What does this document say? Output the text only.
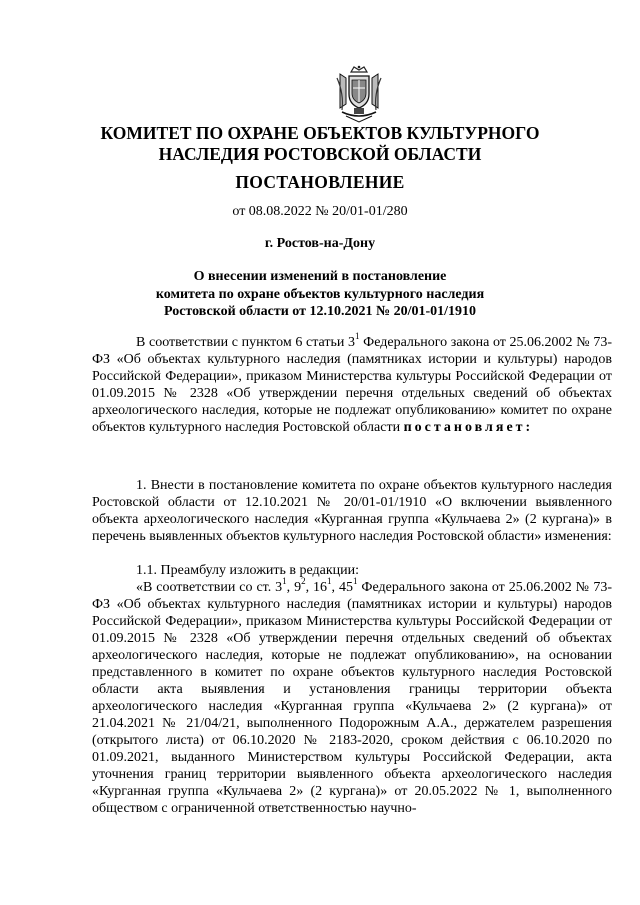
КОМИТЕТ ПО ОХРАНЕ ОБЪЕКТОВ КУЛЬТУРНОГО
НАСЛЕДИЯ РОСТОВСКОЙ ОБЛАСТИ
ПОСТАНОВЛЕНИЕ
от 08.08.2022 № 20/01-01/280
г. Ростов-на-Дону
О внесении изменений в постановление
комитета по охране объектов культурного наследия
Ростовской области от 12.10.2021 № 20/01-01/1910
В соответствии с пунктом 6 статьи $3^1$ Федерального закона от 25.06.2002 № 73-ФЗ «Об объектах культурного наследия (памятниках истории и культуры) народов Российской Федерации», приказом Министерства культуры Российской Федерации от 01.09.2015 № 2328 «Об утверждении перечня отдельных сведений об объектах археологического наследия, которые не подлежат опубликованию» комитет по охране объектов культурного наследия Ростовской области постановляет:
1. Внести в постановление комитета по охране объектов культурного наследия Ростовской области от 12.10.2021 № 20/01-01/1910 «О включении выявленного объекта археологического наследия «Курганная группа «Кульчаева 2» (2 кургана)» в перечень выявленных объектов культурного наследия Ростовской области» изменения:
1.1. Преамбулу изложить в редакции:
«В соответствии со ст. $3^1$, $9^2$, $16^1$, $45^1$ Федерального закона от 25.06.2002 № 73-ФЗ «Об объектах культурного наследия (памятниках истории и культуры) народов Российской Федерации», приказом Министерства культуры Российской Федерации от 01.09.2015 № 2328 «Об утверждении перечня отдельных сведений об объектах археологического наследия, которые не подлежат опубликованию», на основании представленного в комитет по охране объектов культурного наследия Ростовской области акта выявления и установления границы территории объекта археологического наследия «Курганная группа «Кульчаева 2» (2 кургана)» от 21.04.2021 № 21/04/21, выполненного Подорожным А.А., держателем разрешения (открытого листа) от 06.10.2020 № 2183-2020, сроком действия с 06.10.2020 по 01.09.2021, выданного Министерством культуры Российской Федерации, акта уточнения границ территории выявленного объекта археологического наследия «Курганная группа «Кульчаева 2» (2 кургана)» от 20.05.2022 № 1, выполненного обществом с ограниченной ответственностью научно-
